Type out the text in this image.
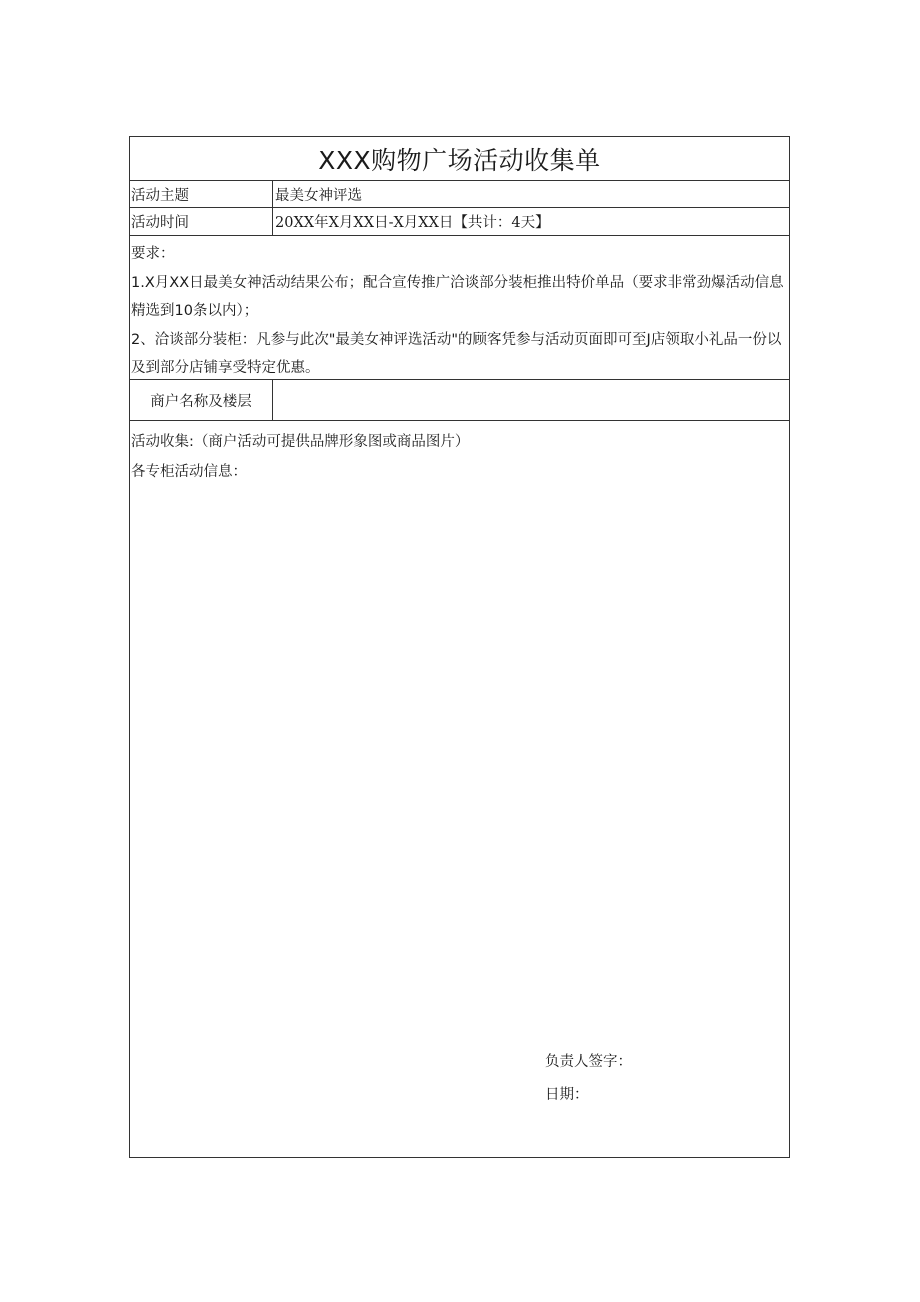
XXX购物广场活动收集单
活动主题	最美女神评选
活动时间	20XX年X月XX日-X月XX日【共计：4天】

要求：

1.X月XX日最美女神活动结果公布；配合宣传推广洽谈部分装柜推出特价单品（要求非常劲爆活动信息精选到10条以内）；

2、洽谈部分装柜：凡参与此次"最美女神评选活动"的顾客凭参与活动页面即可至J店领取小礼品一份以及到部分店铺享受特定优惠。

商户名称及楼层

活动收集:（商户活动可提供品牌形象图或商品图片）

各专柜活动信息：

负责人签字：

日期：
